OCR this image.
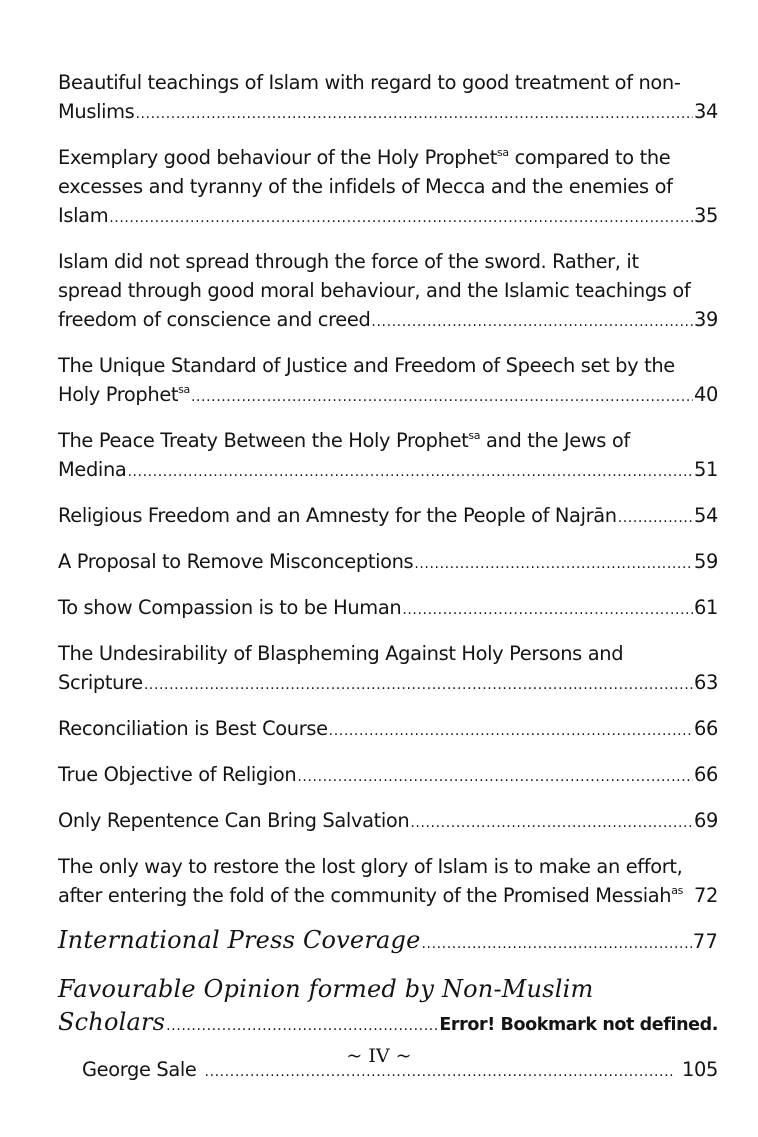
Beautiful teachings of Islam with regard to good treatment of non-
Muslims .....	34
Exemplary good behaviour of the Holy Prophet$^{sa}$ compared to the
excesses and tyranny of the infidels of Mecca and the enemies of
Islam .....	35
Islam did not spread through the force of the sword. Rather, it
spread through good moral behaviour, and the Islamic teachings of
freedom of conscience and creed .....	39
The Unique Standard of Justice and Freedom of Speech set by the
Holy Prophet$^{sa}$ .....	40
The Peace Treaty Between the Holy Prophet$^{sa}$ and the Jews of
Medina .....	51
Religious Freedom and an Amnesty for the People of Najrān .....	54
A Proposal to Remove Misconceptions .....	59
To show Compassion is to be Human .....	61
The Undesirability of Blaspheming Against Holy Persons and
Scripture .....	63
Reconciliation is Best Course .....	66
True Objective of Religion .....	66
Only Repentence Can Bring Salvation .....	69
The only way to restore the lost glory of Islam is to make an effort,
after entering the fold of the community of the Promised Messiah$^{as}$ 72
International Press Coverage .....	77
Favourable Opinion formed by Non-Muslim
Scholars .....	Error! Bookmark not defined.
George Sale .....	105
~ IV ~
